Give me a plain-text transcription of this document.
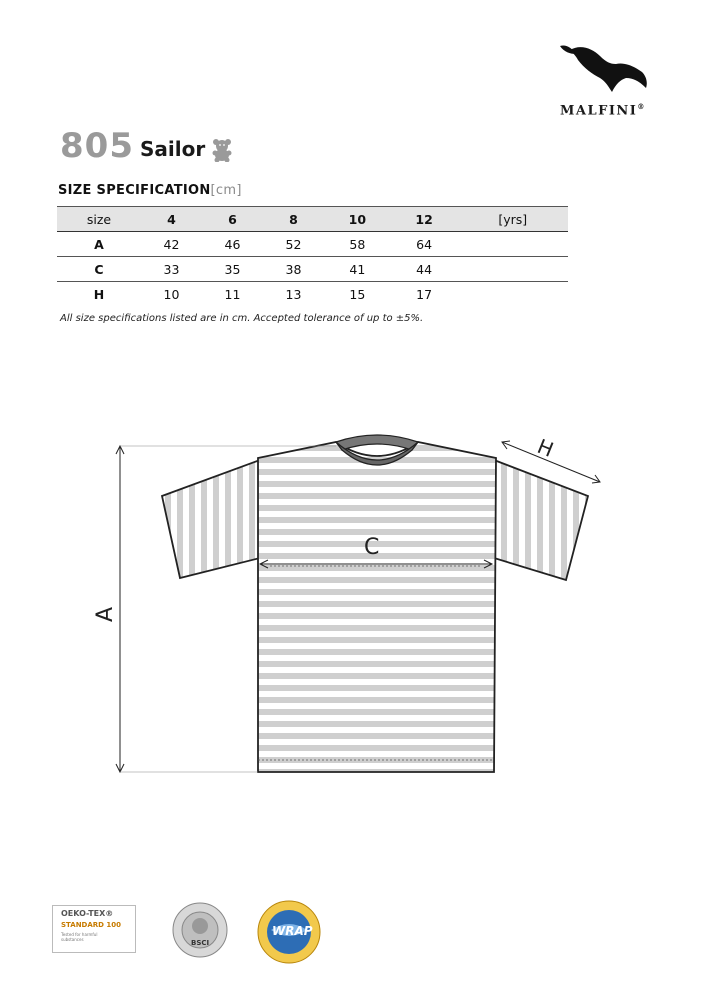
MALFINI®
805 Sailor
SIZE SPECIFICATION[cm]
size	4	6	8	10	12	[yrs]
A	42	46	52	58	64	
C	33	35	38	41	44	
H	10	11	13	15	17	
All size specifications listed are in cm. Accepted tolerance of up to ±5%.
A
C
H
OEKO-TEX®
STANDARD 100
Tested for harmful substances	BSCI
WRAP
